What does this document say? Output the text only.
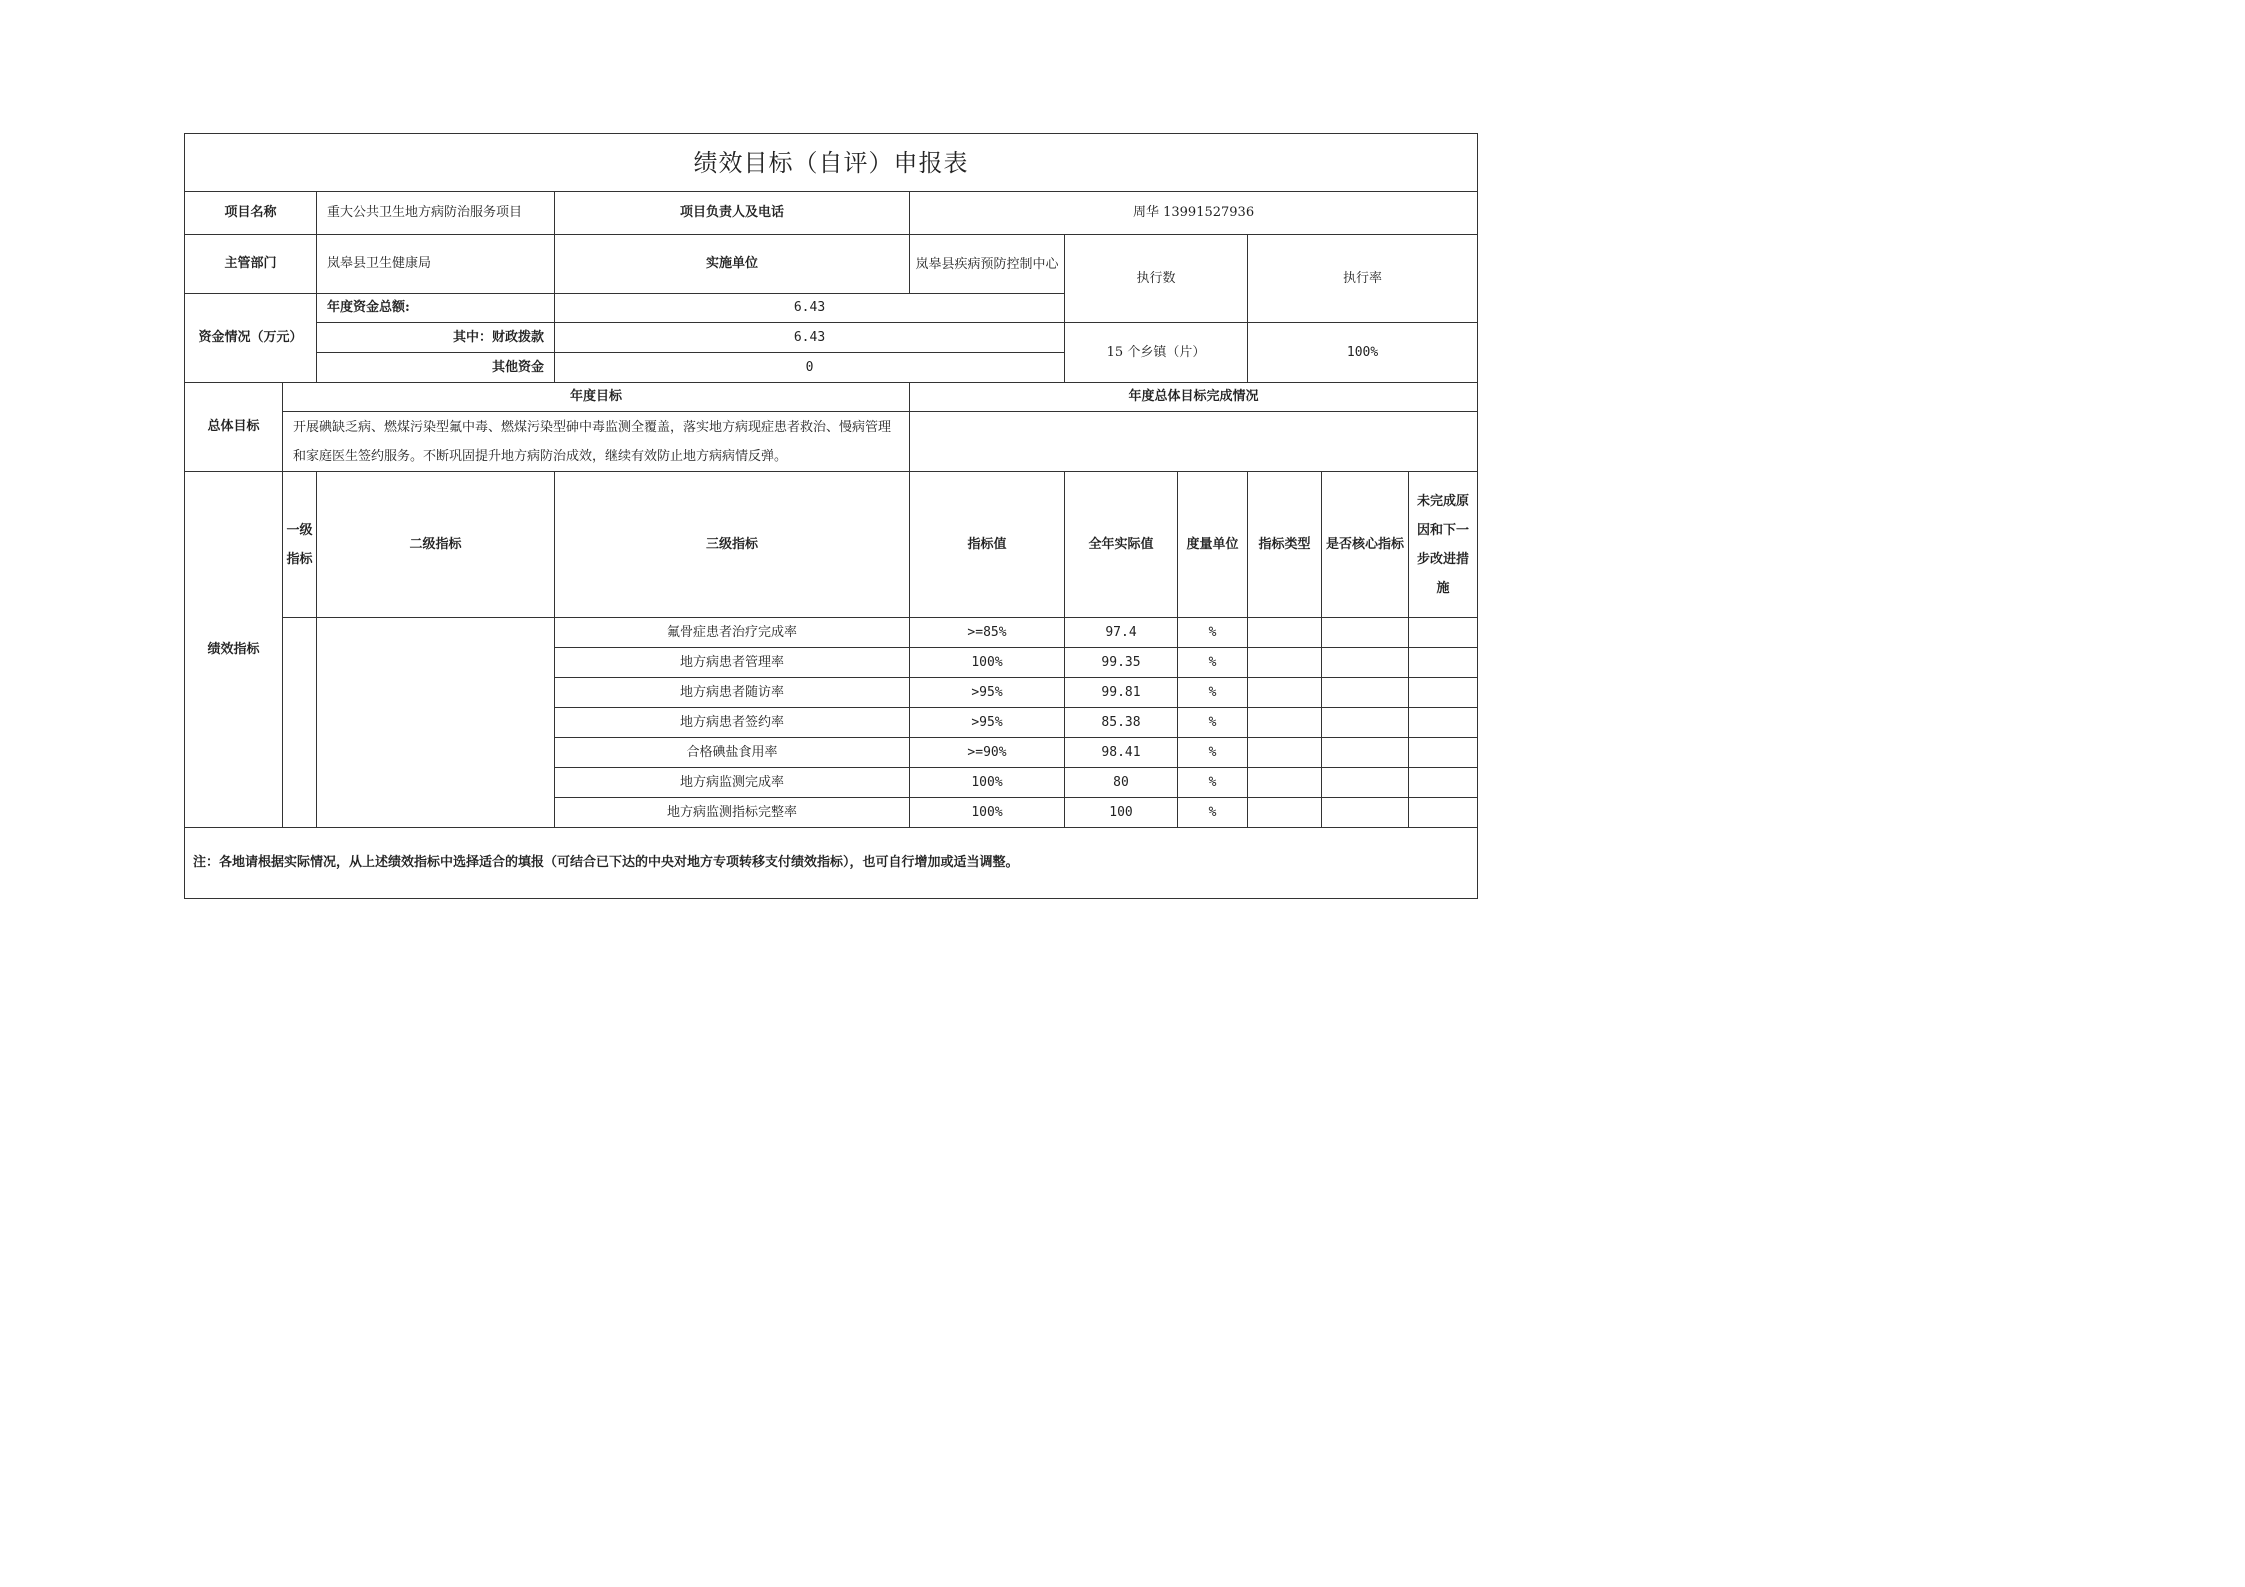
绩效目标（自评）申报表									
项目名称		重大公共卫生地方病防治服务项目	项目负责人及电话	周华 13991527936					
主管部门		岚皋县卫生健康局	实施单位	岚皋县疾病预防控制中心	执行数		执行率		
资金情况（万元）		年度资金总额:	6.43						
		其中：财政拨款	6.43		15 个乡镇（片）		100%		
		其他资金	0						
总体目标	年度目标			年度总体目标完成情况					
	开展碘缺乏病、燃煤污染型氟中毒、燃煤污染型砷中毒监测全覆盖，落实地方病现症患者救治、慢病管理和家庭医生签约服务。不断巩固提升地方病防治成效，继续有效防止地方病病情反弹。								
绩效指标	一级指标	二级指标	三级指标	指标值	全年实际值	度量单位	指标类型	是否核心指标	未完成原因和下一步改进措施
			氟骨症患者治疗完成率	>=85%	97.4	%			
			地方病患者管理率	100%	99.35	%			
			地方病患者随访率	>95%	99.81	%			
			地方病患者签约率	>95%	85.38	%			
			合格碘盐食用率	>=90%	98.41	%			
			地方病监测完成率	100%	80	%			
			地方病监测指标完整率	100%	100	%			
注：各地请根据实际情况，从上述绩效指标中选择适合的填报（可结合已下达的中央对地方专项转移支付绩效指标），也可自行增加或适当调整。									
